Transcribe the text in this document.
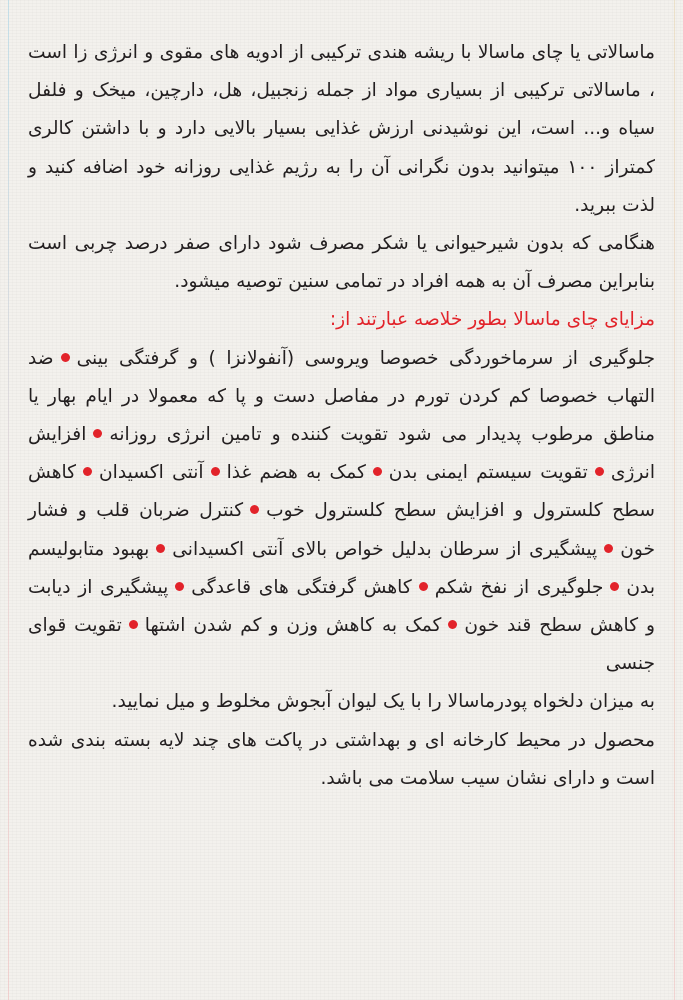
ماسالاتی یا چای ماسالا با ریشه هندی ترکیبی از ادویه های مقوی و انرژی زا است ، ماسالاتی ترکیبی از بسیاری مواد از جمله زنجبیل، هل، دارچین، میخک و فلفل سیاه و... است، این نوشیدنی ارزش غذایی بسیار بالایی دارد و با داشتن کالری کمتراز ۱۰۰ میتوانید بدون نگرانی آن را به رژیم غذایی روزانه خود اضافه کنید و لذت ببرید.

هنگامی که بدون شیرحیوانی یا شکر مصرف شود دارای صفر درصد چربی است بنابراین مصرف آن به همه افراد در تمامی سنین توصیه میشود.

مزایای چای ماسالا بطور خلاصه عبارتند از:

جلوگیری از سرماخوردگی خصوصا ویروسی (آنفولانزا ) و گرفتگی بینیضد التهاب خصوصا کم کردن تورم در مفاصل دست و پا که معمولا در ایام بهار یا مناطق مرطوب پدیدار می شود تقویت کننده و تامین انرژی روزانهافزایش انرژیتقویت سیستم ایمنی بدنکمک به هضم غذاآنتی اکسیدانکاهش سطح کلسترول و افزایش سطح کلسترول خوبکنترل ضربان قلب و فشار خونپیشگیری از سرطان بدلیل خواص بالای آنتی اکسیدانیبهبود متابولیسم بدنجلوگیری از نفخ شکمکاهش گرفتگی های قاعدگیپیشگیری از دیابت و کاهش سطح قند خونکمک به کاهش وزن و کم شدن اشتهاتقویت قوای جنسی

به میزان دلخواه پودرماسالا را با یک لیوان آبجوش مخلوط و میل نمایید.

محصول در محیط کارخانه ای و بهداشتی در پاکت های چند لایه بسته بندی شده است و دارای نشان سیب سلامت می باشد.
